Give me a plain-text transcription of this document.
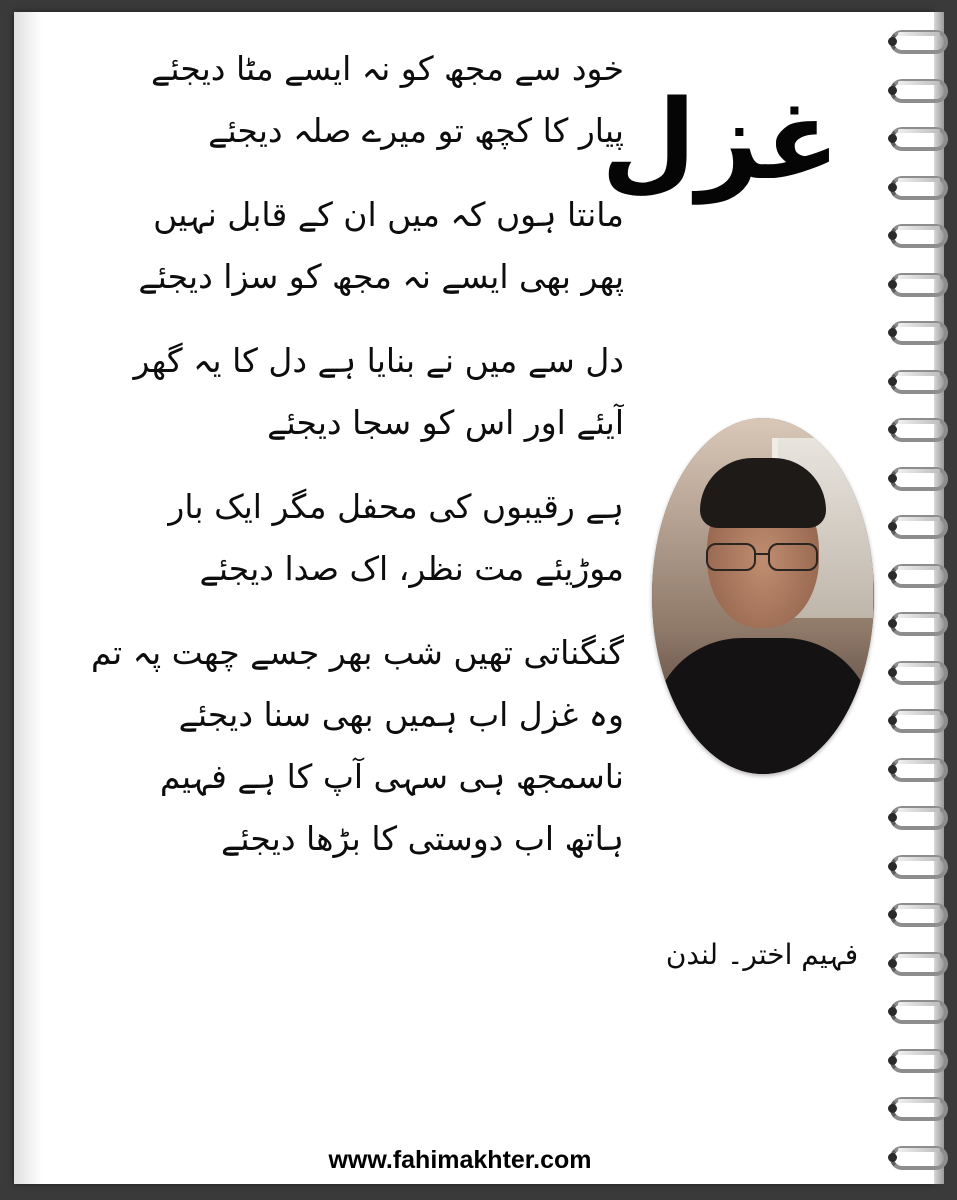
غزل
خود سے مجھ کو نہ ایسے مٹا دیجئے
پیار کا کچھ تو میرے صلہ دیجئے
مانتا ہوں کہ میں ان کے قابل نہیں
پھر بھی ایسے نہ مجھ کو سزا دیجئے
دل سے میں نے بنایا ہے دل کا یہ گھر
آیئے اور اس کو سجا دیجئے
ہے رقیبوں کی محفل مگر ایک بار
موڑیئے مت نظر، اک صدا دیجئے
گنگناتی تھیں شب بھر جسے چھت پہ تم
وہ غزل اب ہمیں بھی سنا دیجئے
ناسمجھ ہی سہی آپ کا ہے فہیم
ہاتھ اب دوستی کا بڑھا دیجئے
فہیم اختر۔ لندن
www.fahimakhter.com
